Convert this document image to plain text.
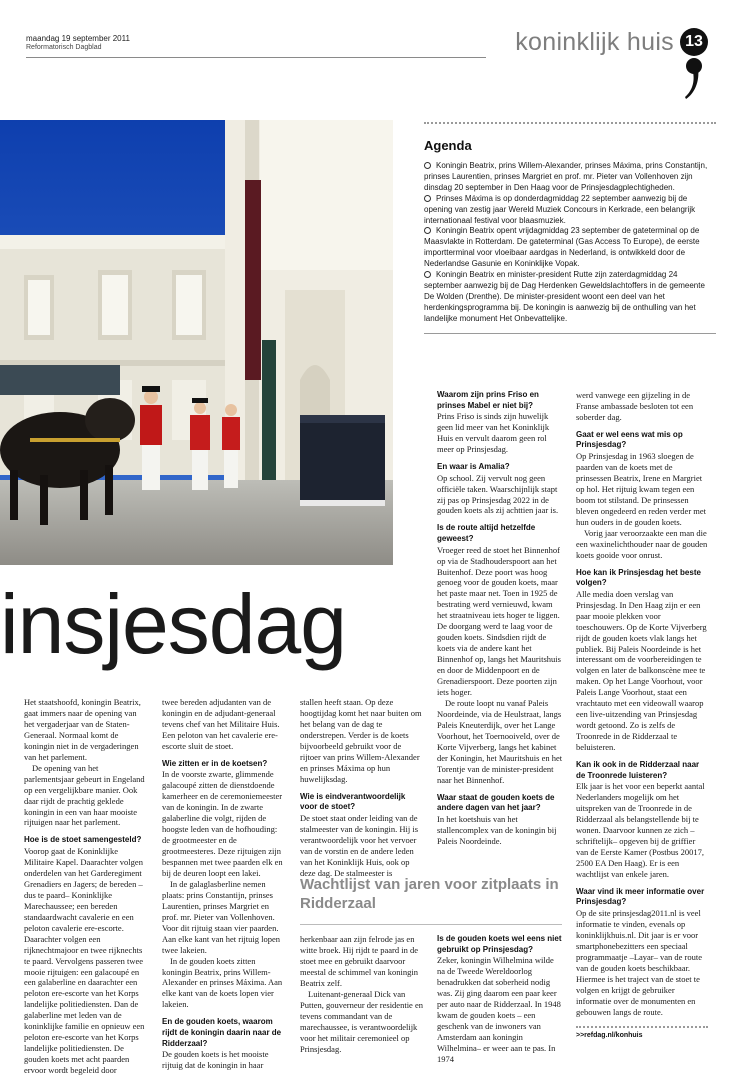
maandag 19 september 2011
Reformatorisch Dagblad	koninklijk huis 13
insjesdag
Agenda
Koningin Beatrix, prins Willem-Alexander, prinses Máxima, prins Constantijn, prinses Laurentien, prinses Margriet en prof. mr. Pieter van Vollenhoven zijn dinsdag 20 september in Den Haag voor de Prinsjesdagplechtigheden.
Prinses Máxima is op donderdagmiddag 22 september aanwezig bij de opening van zestig jaar Wereld Muziek Concours in Kerkrade, een belangrijk internationaal festival voor blaasmuziek.
Koningin Beatrix opent vrijdagmiddag 23 september de gateterminal op de Maasvlakte in Rotterdam. De gateterminal (Gas Access To Europe), de eerste importterminal voor vloeibaar aardgas in Nederland, is ontwikkeld door de Nederlandse Gasunie en Koninklijke Vopak.
Koningin Beatrix en minister-president Rutte zijn zaterdagmiddag 24 september aanwezig bij de Dag Herdenken Geweldslachtoffers in de gemeente De Wolden (Drenthe). De minister-president woont een deel van het herdenkingsprogramma bij. De koningin is aanwezig bij de onthulling van het landelijke monument Het Onbevattelijke.

Het staatshoofd, koningin Beatrix, gaat immers naar de opening van het vergaderjaar van de Staten-Generaal. Normaal komt de koningin niet in de vergaderingen van het parlement.

De opening van het parlementsjaar gebeurt in Engeland op een vergelijkbare manier. Ook daar rijdt de prachtig geklede koningin in een van haar mooiste rijtuigen naar het parlement.

Hoe is de stoet samengesteld?

Voorop gaat de Koninklijke Militaire Kapel. Daarachter volgen onderdelen van het Garderegiment Grenadiers en Jagers; de bereden –dus te paard– Koninklijke Marechaussee; een bereden standaardwacht cavalerie en een peloton cavalerie ere-escorte. Daarachter volgen een rijknechtmajoor en twee rijknechts te paard. Vervolgens passeren twee mooie rijtuigen: een galacoupé en een galaberline en daarachter een peloton ere-escorte van het Korps landelijke politiediensten. Dan de galaberline met leden van de koninklijke familie en opnieuw een peloton ere-escorte van het Korps landelijke politiediensten. De gouden koets met acht paarden ervoor wordt begeleid door

twee bereden adjudanten van de koningin en de adjudant-generaal tevens chef van het Militaire Huis. Een peloton van het cavalerie ere-escorte sluit de stoet.

Wie zitten er in de koetsen?

In de voorste zwarte, glimmende galacoupé zitten de dienstdoende kamerheer en de ceremoniemeester van de koningin. In de zwarte galaberline die volgt, rijden de hoogste leden van de hofhouding: de grootmeester en de grootmeesteres. Deze rijtuigen zijn bespannen met twee paarden elk en bij de deuren loopt een lakei.

In de galaglasberline nemen plaats: prins Constantijn, prinses Laurentien, prinses Margriet en prof. mr. Pieter van Vollenhoven. Voor dit rijtuig staan vier paarden. Aan elke kant van het rijtuig lopen twee lakeien.

In de gouden koets zitten koningin Beatrix, prins Willem-Alexander en prinses Máxima. Aan elke kant van de koets lopen vier lakeien.

En de gouden koets, waarom rijdt de koningin daarin naar de Ridderzaal?

De gouden koets is het mooiste rijtuig dat de koningin in haar

stallen heeft staan. Op deze hoogtijdag komt het naar buiten om het belang van de dag te onderstrepen. Verder is de koets bijvoorbeeld gebruikt voor de rijtoer van prins Willem-Alexander en prinses Máxima op hun huwelijksdag.

Wie is eindverantwoordelijk voor de stoet?

De stoet staat onder leiding van de stalmeester van de koningin. Hij is verantwoordelijk voor het vervoer van de vorstin en de andere leden van het Koninklijk Huis, ook op deze dag. De stalmeester is

Wachtlijst van jaren voor zitplaats in Ridderzaal

herkenbaar aan zijn felrode jas en witte broek. Hij rijdt te paard in de stoet mee en gebruikt daarvoor meestal de schimmel van koningin Beatrix zelf.

Luitenant-generaal Dick van Putten, gouverneur der residentie en tevens commandant van de marechaussee, is verantwoordelijk voor het militair ceremonieel op Prinsjesdag.

Waarom zijn prins Friso en prinses Mabel er niet bij?

Prins Friso is sinds zijn huwelijk geen lid meer van het Koninklijk Huis en vervult daarom geen rol meer op Prinsjesdag.

En waar is Amalia?

Op school. Zij vervult nog geen officiële taken. Waarschijnlijk stapt zij pas op Prinsjesdag 2022 in de gouden koets als zij achttien jaar is.

Is de route altijd hetzelfde geweest?

Vroeger reed de stoet het Binnenhof op via de Stadhouderspoort aan het Buitenhof. Deze poort was hoog genoeg voor de gouden koets, maar het paste maar net. Toen in 1925 de bestrating werd vernieuwd, kwam het straatniveau iets hoger te liggen. De doorgang werd te laag voor de gouden koets. Sindsdien rijdt de koets via de andere kant het Binnenhof op, langs het Mauritshuis en door de Middenpoort en de Grenadierspoort. Deze poorten zijn iets hoger.

De route loopt nu vanaf Paleis Noordeinde, via de Heulstraat, langs Paleis Kneuterdijk, over het Lange Voorhout, het Toernooiveld, over de Korte Vijverberg, langs het kabinet der Koningin, het Mauritshuis en het Torentje van de minister-president naar het Binnenhof.

Waar staat de gouden koets de andere dagen van het jaar?

In het koetshuis van het stallencomplex van de koningin bij Paleis Noordeinde.

Is de gouden koets wel eens niet gebruikt op Prinsjesdag?

Zeker, koningin Wilhelmina wilde na de Tweede Wereldoorlog benadrukken dat soberheid nodig was. Zij ging daarom een paar keer per auto naar de Ridderzaal. In 1948 kwam de gouden koets – een geschenk van de inwoners van Amsterdam aan koningin Wilhelmina– er weer aan te pas. In 1974

werd vanwege een gijzeling in de Franse ambassade besloten tot een soberder dag.

Gaat er wel eens wat mis op Prinsjesdag?

Op Prinsjesdag in 1963 sloegen de paarden van de koets met de prinsessen Beatrix, Irene en Margriet op hol. Het rijtuig kwam tegen een boom tot stilstand. De prinsessen bleven ongedeerd en reden verder met hun ouders in de gouden koets.

Vorig jaar veroorzaakte een man die een waxinelichthouder naar de gouden koets gooide voor onrust.

Hoe kan ik Prinsjesdag het beste volgen?

Alle media doen verslag van Prinsjesdag. In Den Haag zijn er een paar mooie plekken voor toeschouwers. Op de Korte Vijverberg rijdt de gouden koets vlak langs het publiek. Bij Paleis Noordeinde is het interessant om de voorbereidingen te volgen en later de balkonscène mee te maken. Op het Lange Voorhout, voor Paleis Lange Voorhout, staat een vrachtauto met een videowall waarop een live-uitzending van Prinsjesdag wordt getoond. Zo is zelfs de Troonrede in de Ridderzaal te beluisteren.

Kan ik ook in de Ridderzaal naar de Troonrede luisteren?

Elk jaar is het voor een beperkt aantal Nederlanders mogelijk om het uitspreken van de Troonrede in de Ridderzaal als belangstellende bij te wonen. Daarvoor kunnen ze zich –schriftelijk– opgeven bij de griffier van de Eerste Kamer (Postbus 20017, 2500 EA Den Haag). Er is een wachtlijst van enkele jaren.

Waar vind ik meer informatie over Prinsjesdag?

Op de site prinsjesdag2011.nl is veel informatie te vinden, evenals op koninklijkhuis.nl. Dit jaar is er voor smartphonebezitters een speciaal programmaatje –Layar– van de route van de gouden koets beschikbaar. Hiermee is het traject van de stoet te volgen en krijgt de gebruiker informatie over de monumenten en gebouwen langs de route.

>>refdag.nl/konhuis
